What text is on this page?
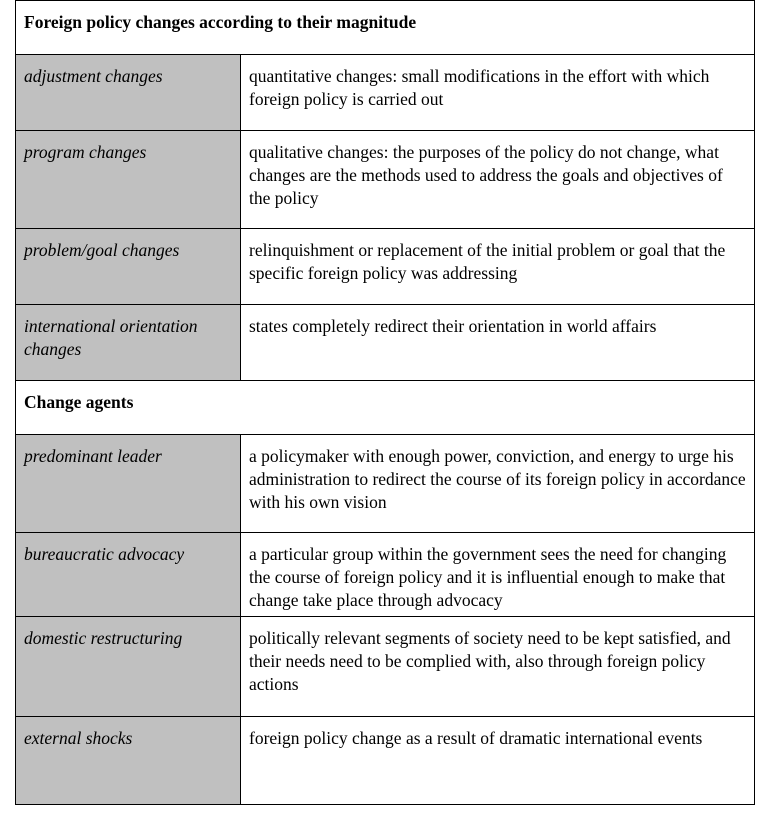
Foreign policy changes according to their magnitude	
adjustment changes	quantitative changes: small modifications in the effort with which foreign policy is carried out
program changes	qualitative changes: the purposes of the policy do not change, what changes are the methods used to address the goals and objectives of the policy
problem/goal changes	relinquishment or replacement of the initial problem or goal that the specific foreign policy was addressing
international orientation changes	states completely redirect their orientation in world affairs
Change agents	
predominant leader	a policymaker with enough power, conviction, and energy to urge his administration to redirect the course of its foreign policy in accordance with his own vision
bureaucratic advocacy	a particular group within the government sees the need for changing the course of foreign policy and it is influential enough to make that change take place through advocacy
domestic restructuring	politically relevant segments of society need to be kept satisfied, and their needs need to be complied with, also through foreign policy actions
external shocks	foreign policy change as a result of dramatic international events
